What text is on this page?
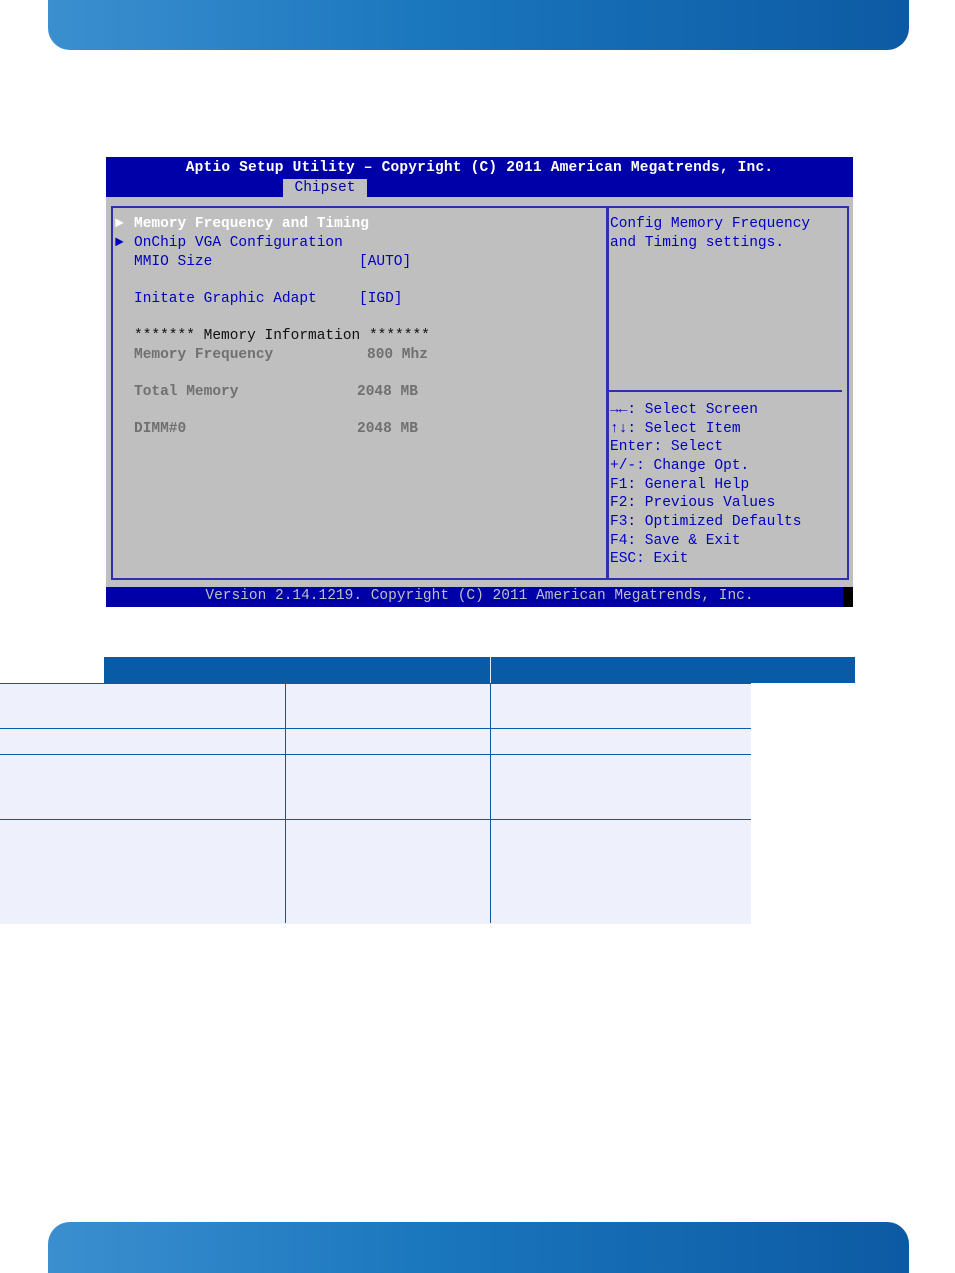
Aptio Setup Utility – Copyright (C) 2011 American Megatrends, Inc.
Chipset
► Memory Frequency and Timing
► OnChip VGA Configuration
MMIO Size	[AUTO]
Initate Graphic Adapt	[IGD]
******* Memory Information *******
Memory Frequency	800 Mhz
Total Memory	2048 MB
DIMM#0	2048 MB
Config Memory Frequency
and Timing settings.
→←: Select Screen
↑↓: Select Item
Enter: Select
+/-: Change Opt.
F1: General Help
F2: Previous Values
F3: Optimized Defaults
F4: Save & Exit
ESC: Exit
Version 2.14.1219. Copyright (C) 2011 American Megatrends, Inc.
